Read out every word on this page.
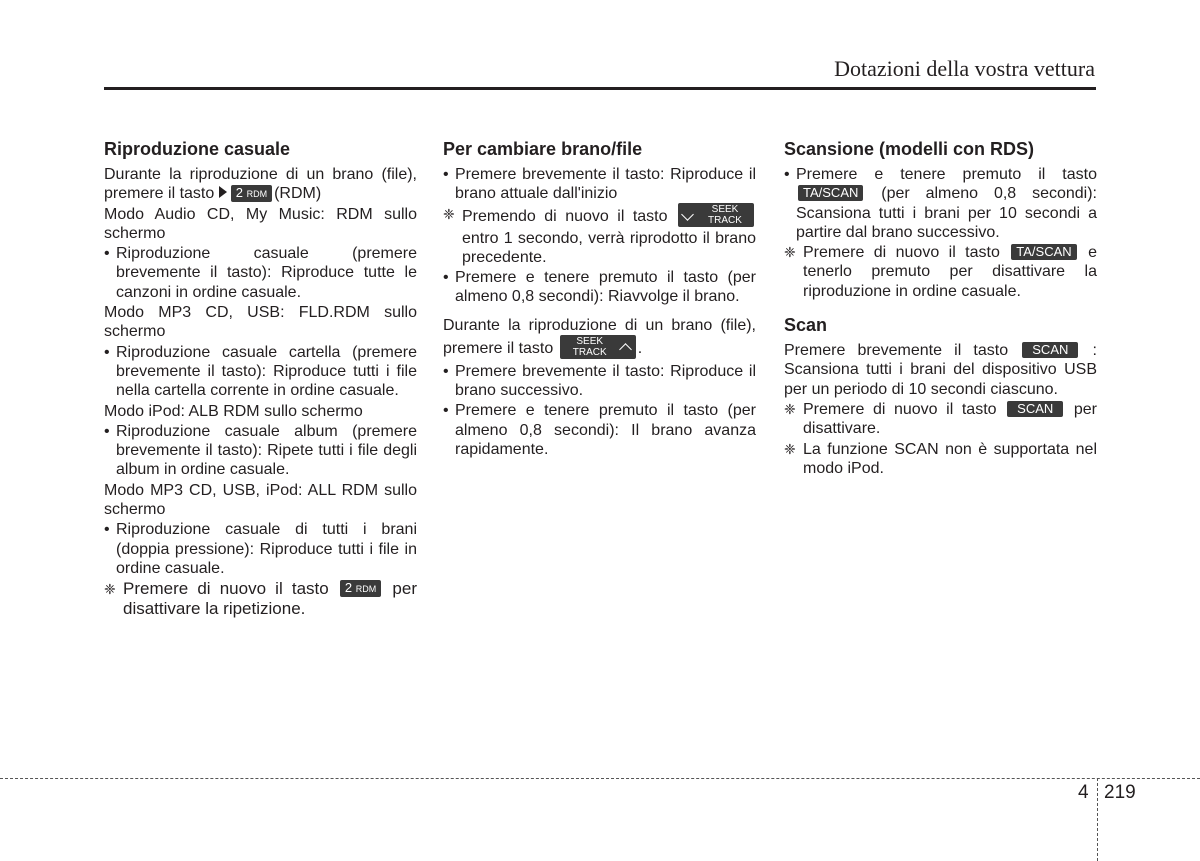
Dotazioni della vostra vettura
Riproduzione casuale
Durante la riproduzione di un brano (file), premere il tasto 2 RDM (RDM)
Modo Audio CD, My Music: RDM sullo schermo
• Riproduzione casuale (premere brevemente il tasto): Riproduce tutte le canzoni in ordine casuale.
Modo MP3 CD, USB: FLD.RDM sullo schermo
• Riproduzione casuale cartella (premere brevemente il tasto): Riproduce tutti i file nella cartella corrente in ordine casuale.
Modo iPod: ALB RDM sullo schermo
• Riproduzione casuale album (premere brevemente il tasto): Ripete tutti i file degli album in ordine casuale.
Modo MP3 CD, USB, iPod: ALL RDM sullo schermo
• Riproduzione casuale di tutti i brani (doppia pressione): Riproduce tutti i file in ordine casuale.
❈ Premere di nuovo il tasto 2 RDM per disattivare la ripetizione.
Per cambiare brano/file
• Premere brevemente il tasto: Riproduce il brano attuale dall'inizio
❈ Premendo di nuovo il tasto	SEEK
TRACK
entro 1 secondo, verrà riprodotto il brano precedente.
• Premere e tenere premuto il tasto (per almeno 0,8 secondi): Riavvolge il brano.
Durante la riproduzione di un brano (file), premere il tasto	SEEK
TRACK	.
• Premere brevemente il tasto: Riproduce il brano successivo.
• Premere e tenere premuto il tasto (per almeno 0,8 secondi): Il brano avanza rapidamente.
Scansione (modelli con RDS)
• Premere e tenere premuto il tasto TA/SCAN (per almeno 0,8 secondi): Scansiona tutti i brani per 10 secondi a partire dal brano successivo.
❈ Premere di nuovo il tasto TA/SCAN e tenerlo premuto per disattivare la riproduzione in ordine casuale.
Scan
Premere brevemente il tasto SCAN : Scansiona tutti i brani del dispositivo USB per un periodo di 10 secondi ciascuno.
❈ Premere di nuovo il tasto SCAN per disattivare.
❈ La funzione SCAN non è supportata nel modo iPod.
4 219
